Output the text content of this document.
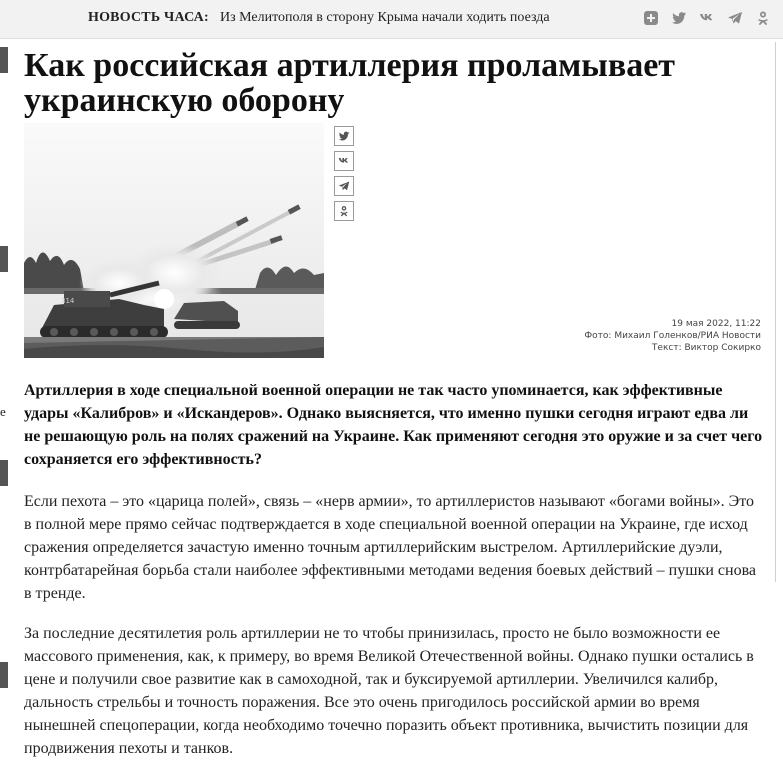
НОВОСТЬ ЧАСА: Из Мелитополя в сторону Крыма начали ходить поезда
е
Как российская артиллерия проламывает украинскую оборону
314
19 мая 2022, 11:22
Фото: Михаил Голенков/РИА Новости
Текст: Виктор Сокирко

Артиллерия в ходе специальной военной операции не так часто упоминается, как эффективные удары «Калибров» и «Искандеров». Однако выясняется, что именно пушки сегодня играют едва ли не решающую роль на полях сражений на Украине. Как применяют сегодня это оружие и за счет чего сохраняется его эффективность?

Если пехота – это «царица полей», связь – «нерв армии», то артиллеристов называют «богами войны». Это в полной мере прямо сейчас подтверждается в ходе специальной военной операции на Украине, где исход сражения определяется зачастую именно точным артиллерийским выстрелом. Артиллерийские дуэли, контрбатарейная борьба стали наиболее эффективными методами ведения боевых действий – пушки снова в тренде.

За последние десятилетия роль артиллерии не то чтобы принизилась, просто не было возможности ее массового применения, как, к примеру, во время Великой Отечественной войны. Однако пушки остались в цене и получили свое развитие как в самоходной, так и буксируемой артиллерии. Увеличился калибр, дальность стрельбы и точность поражения. Все это очень пригодилось российской армии во время нынешней спецоперации, когда необходимо точечно поразить объект противника, вычистить позиции для продвижения пехоты и танков.
